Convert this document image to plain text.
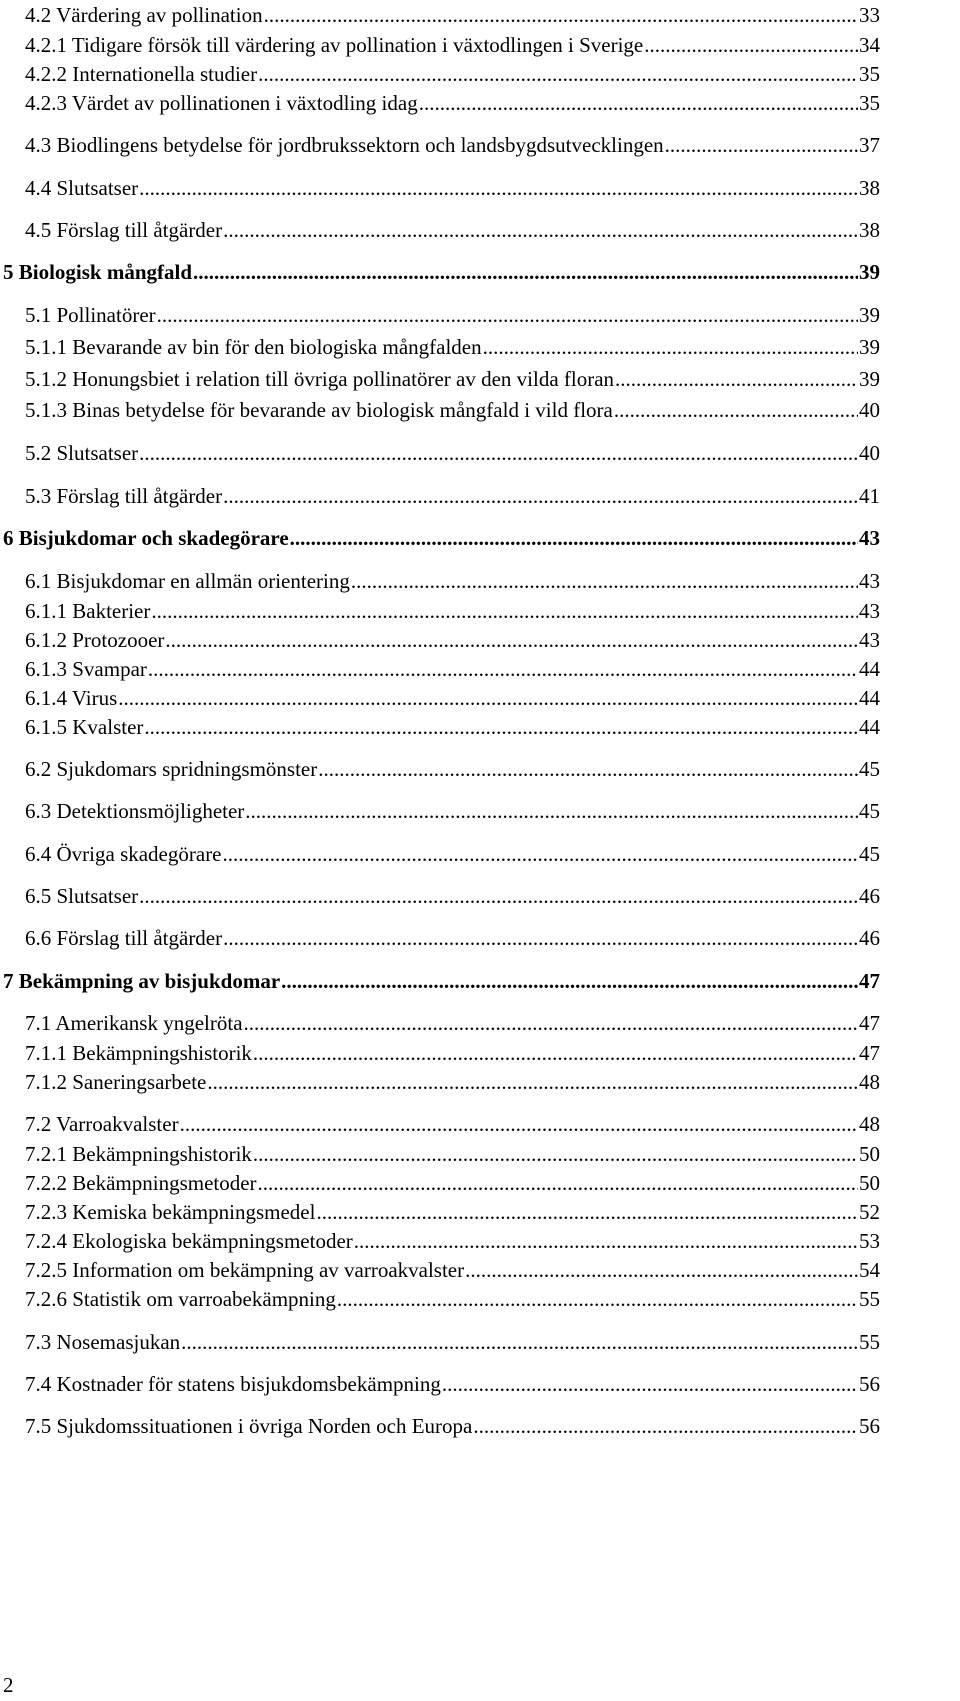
4.2 Värdering av pollination .....	33
4.2.1 Tidigare försök till värdering av pollination i växtodlingen i Sverige .....	34
4.2.2 Internationella studier .....	35
4.2.3 Värdet av pollinationen i växtodling idag .....	35
4.3 Biodlingens betydelse för jordbrukssektorn och landsbygdsutvecklingen .....	37
4.4 Slutsatser .....	38
4.5 Förslag till åtgärder .....	38
5 Biologisk mångfald .....	39
5.1 Pollinatörer .....	39
5.1.1 Bevarande av bin för den biologiska mångfalden .....	39
5.1.2 Honungsbiet i relation till övriga pollinatörer av den vilda floran .....	39
5.1.3 Binas betydelse för bevarande av biologisk mångfald i vild flora .....	40
5.2 Slutsatser .....	40
5.3 Förslag till åtgärder .....	41
6 Bisjukdomar och skadegörare .....	43
6.1 Bisjukdomar en allmän orientering .....	43
6.1.1 Bakterier .....	43
6.1.2 Protozooer .....	43
6.1.3 Svampar .....	44
6.1.4 Virus .....	44
6.1.5 Kvalster .....	44
6.2 Sjukdomars spridningsmönster .....	45
6.3 Detektionsmöjligheter .....	45
6.4 Övriga skadegörare .....	45
6.5 Slutsatser .....	46
6.6 Förslag till åtgärder .....	46
7 Bekämpning av bisjukdomar .....	47
7.1 Amerikansk yngelröta .....	47
7.1.1 Bekämpningshistorik .....	47
7.1.2 Saneringsarbete .....	48
7.2 Varroakvalster .....	48
7.2.1 Bekämpningshistorik .....	50
7.2.2 Bekämpningsmetoder .....	50
7.2.3 Kemiska bekämpningsmedel .....	52
7.2.4 Ekologiska bekämpningsmetoder .....	53
7.2.5 Information om bekämpning av varroakvalster .....	54
7.2.6 Statistik om varroabekämpning .....	55
7.3 Nosemasjukan .....	55
7.4 Kostnader för statens bisjukdomsbekämpning .....	56
7.5 Sjukdomssituationen i övriga Norden och Europa .....	56
2
